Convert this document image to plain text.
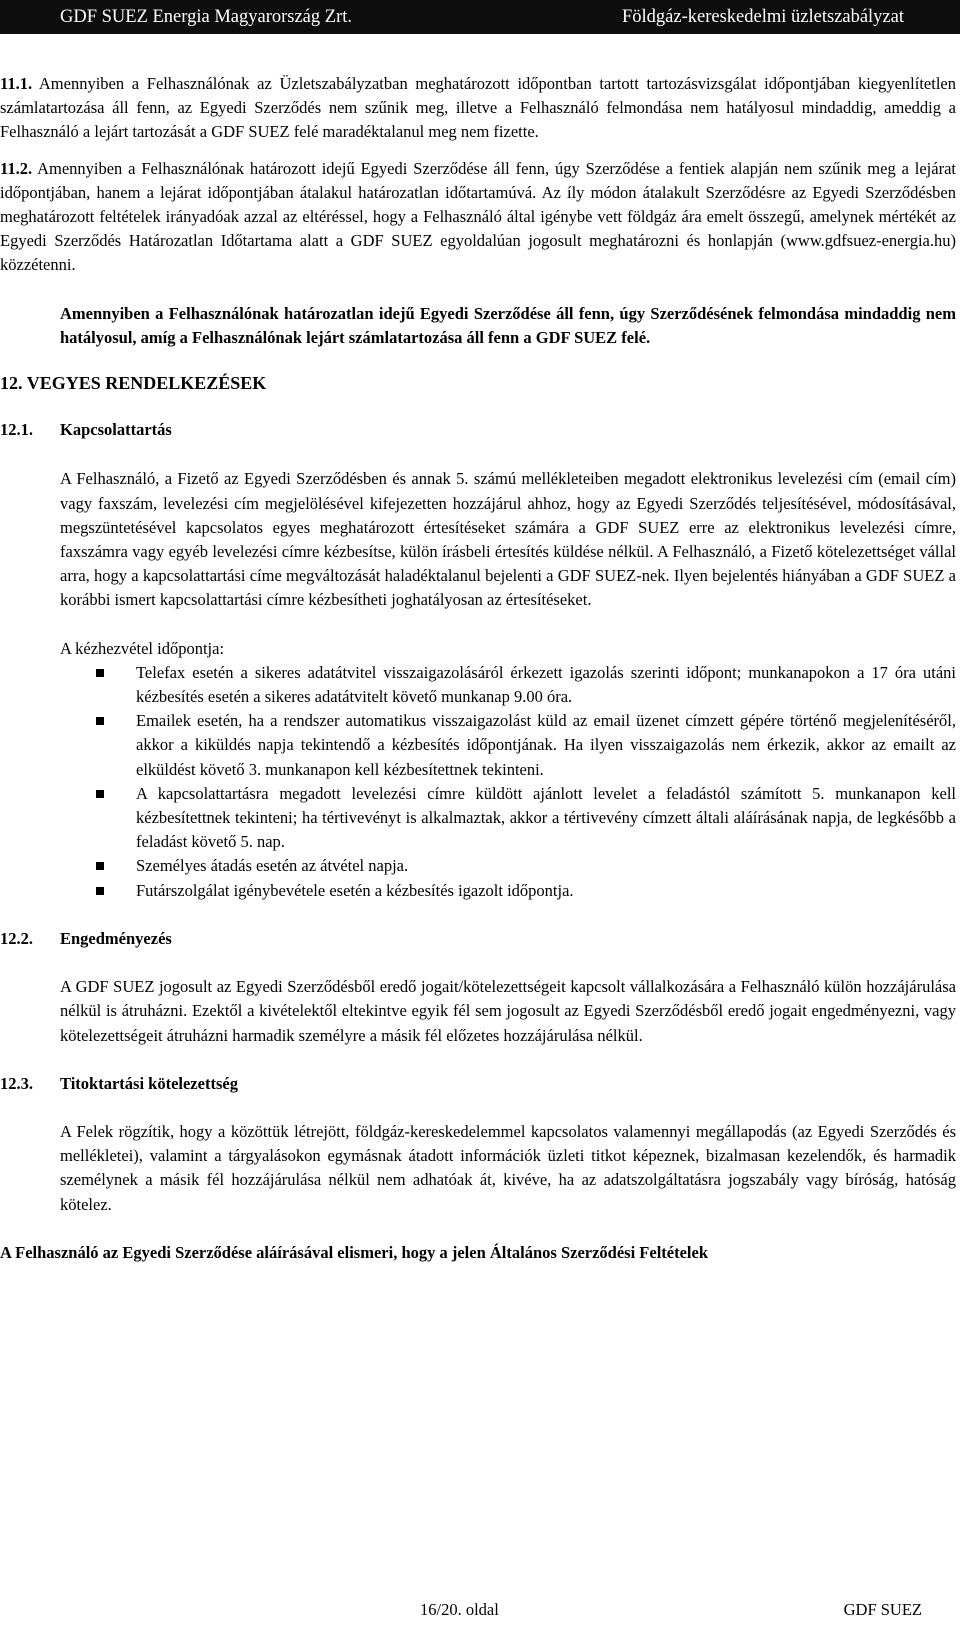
GDF SUEZ Energia Magyarország Zrt.	Földgáz-kereskedelmi üzletszabályzat

11.1. Amennyiben a Felhasználónak az Üzletszabályzatban meghatározott időpontban tartott tartozásvizsgálat időpontjában kiegyenlítetlen számlatartozása áll fenn, az Egyedi Szerződés nem szűnik meg, illetve a Felhasználó felmondása nem hatályosul mindaddig, ameddig a Felhasználó a lejárt tartozását a GDF SUEZ felé maradéktalanul meg nem fizette.

11.2. Amennyiben a Felhasználónak határozott idejű Egyedi Szerződése áll fenn, úgy Szerződése a fentiek alapján nem szűnik meg a lejárat időpontjában, hanem a lejárat időpontjában átalakul határozatlan időtartamúvá. Az íly módon átalakult Szerződésre az Egyedi Szerződésben meghatározott feltételek irányadóak azzal az eltéréssel, hogy a Felhasználó által igénybe vett földgáz ára emelt összegű, amelynek mértékét az Egyedi Szerződés Határozatlan Időtartama alatt a GDF SUEZ egyoldalúan jogosult meghatározni és honlapján (www.gdfsuez-energia.hu) közzétenni.

Amennyiben a Felhasználónak határozatlan idejű Egyedi Szerződése áll fenn, úgy Szerződésének felmondása mindaddig nem hatályosul, amíg a Felhasználónak lejárt számlatartozása áll fenn a GDF SUEZ felé.

12. VEGYES RENDELKEZÉSEK

12.1. Kapcsolattartás

A Felhasználó, a Fizető az Egyedi Szerződésben és annak 5. számú mellékleteiben megadott elektronikus levelezési cím (email cím) vagy faxszám, levelezési cím megjelölésével kifejezetten hozzájárul ahhoz, hogy az Egyedi Szerződés teljesítésével, módosításával, megszüntetésével kapcsolatos egyes meghatározott értesítéseket számára a GDF SUEZ erre az elektronikus levelezési címre, faxszámra vagy egyéb levelezési címre kézbesítse, külön írásbeli értesítés küldése nélkül. A Felhasználó, a Fizető kötelezettséget vállal arra, hogy a kapcsolattartási címe megváltozását haladéktalanul bejelenti a GDF SUEZ-nek. Ilyen bejelentés hiányában a GDF SUEZ a korábbi ismert kapcsolattartási címre kézbesítheti joghatályosan az értesítéseket.

A kézhezvétel időpontja:

Telefax esetén a sikeres adatátvitel visszaigazolásáról érkezett igazolás szerinti időpont; munkanapokon a 17 óra utáni kézbesítés esetén a sikeres adatátvitelt követő munkanap 9.00 óra.
Emailek esetén, ha a rendszer automatikus visszaigazolást küld az email üzenet címzett gépére történő megjelenítéséről, akkor a kiküldés napja tekintendő a kézbesítés időpontjának. Ha ilyen visszaigazolás nem érkezik, akkor az emailt az elküldést követő 3. munkanapon kell kézbesítettnek tekinteni.
A kapcsolattartásra megadott levelezési címre küldött ajánlott levelet a feladástól számított 5. munkanapon kell kézbesítettnek tekinteni; ha tértivevényt is alkalmaztak, akkor a tértivevény címzett általi aláírásának napja, de legkésőbb a feladást követő 5. nap.
Személyes átadás esetén az átvétel napja.
Futárszolgálat igénybevétele esetén a kézbesítés igazolt időpontja.

12.2. Engedményezés

A GDF SUEZ jogosult az Egyedi Szerződésből eredő jogait/kötelezettségeit kapcsolt vállalkozására a Felhasználó külön hozzájárulása nélkül is átruházni. Ezektől a kivételektől eltekintve egyik fél sem jogosult az Egyedi Szerződésből eredő jogait engedményezni, vagy kötelezettségeit átruházni harmadik személyre a másik fél előzetes hozzájárulása nélkül.

12.3. Titoktartási kötelezettség

A Felek rögzítik, hogy a közöttük létrejött, földgáz-kereskedelemmel kapcsolatos valamennyi megállapodás (az Egyedi Szerződés és mellékletei), valamint a tárgyalásokon egymásnak átadott információk üzleti titkot képeznek, bizalmasan kezelendők, és harmadik személynek a másik fél hozzájárulása nélkül nem adhatóak át, kivéve, ha az adatszolgáltatásra jogszabály vagy bíróság, hatóság kötelez.

A Felhasználó az Egyedi Szerződése aláírásával elismeri, hogy a jelen Általános Szerződési Feltételek

16/20. oldal	GDF SUEZ
